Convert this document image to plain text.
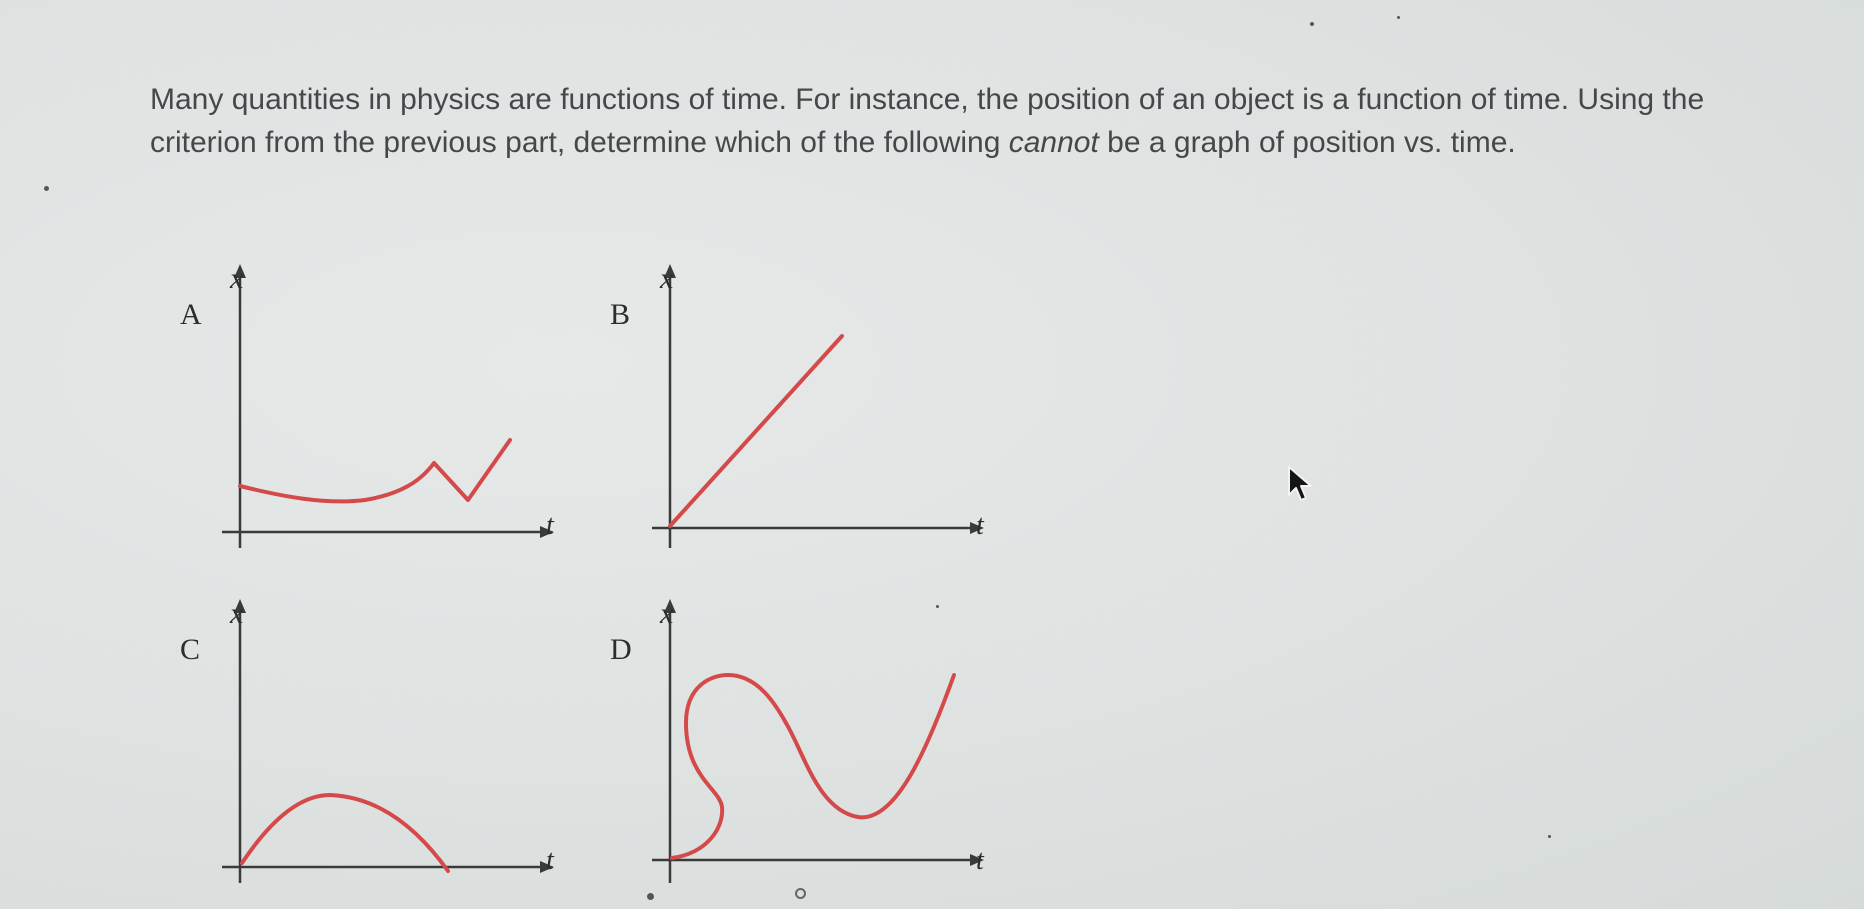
Many quantities in physics are functions of time. For instance, the position of an object is a function of time. Using the criterion from the previous part, determine which of the following cannot be a graph of position vs. time.
A
x
t
B
x
t
C
x
t
D
x
t
